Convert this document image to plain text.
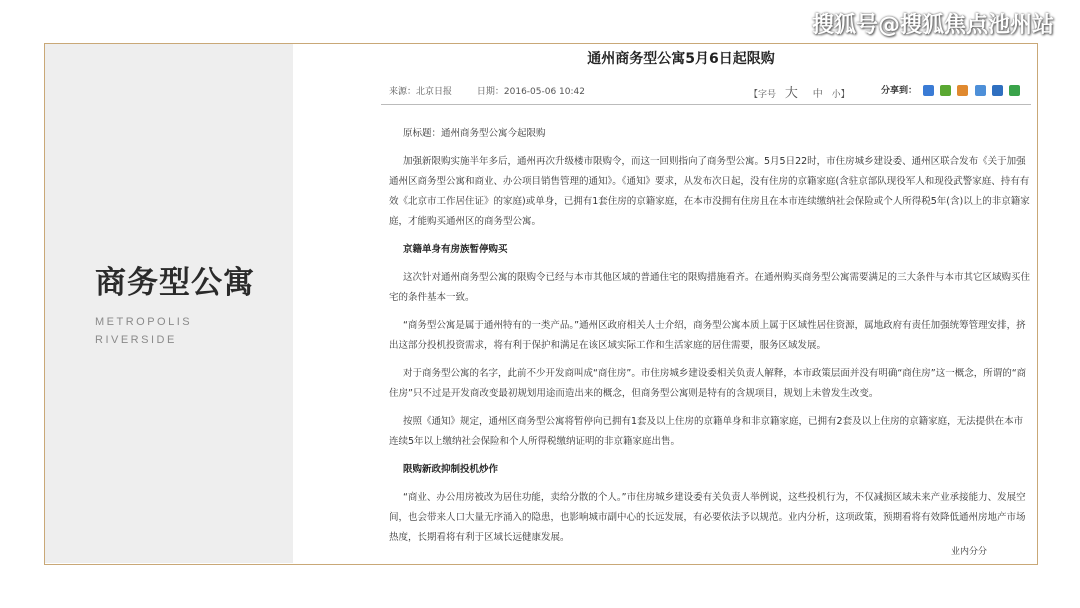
搜狐号@搜狐焦点池州站
商务型公寓
METROPOLIS
RIVERSIDE
通州商务型公寓5月6日起限购
来源：北京日报	日期：2016-05-06 10:42	【字号 大 中 小】	分享到：

原标题：通州商务型公寓今起限购

加强新限购实施半年多后，通州再次升级楼市限购令，而这一回则指向了商务型公寓。5月5日22时，市住房城乡建设委、通州区联合发布《关于加强通州区商务型公寓和商业、办公项目销售管理的通知》。《通知》要求，从发布次日起，没有住房的京籍家庭(含驻京部队现役军人和现役武警家庭、持有有效《北京市工作居住证》的家庭)或单身，已拥有1套住房的京籍家庭，在本市没拥有住房且在本市连续缴纳社会保险或个人所得税5年(含)以上的非京籍家庭，才能购买通州区的商务型公寓。

京籍单身有房族暂停购买

这次针对通州商务型公寓的限购令已经与本市其他区域的普通住宅的限购措施看齐。在通州购买商务型公寓需要满足的三大条件与本市其它区域购买住宅的条件基本一致。

“商务型公寓是属于通州特有的一类产品。”通州区政府相关人士介绍，商务型公寓本质上属于区域性居住资源，属地政府有责任加强统筹管理安排，挤出这部分投机投资需求，将有利于保护和满足在该区域实际工作和生活家庭的居住需要，服务区域发展。

对于商务型公寓的名字，此前不少开发商叫成“商住房”。市住房城乡建设委相关负责人解释，本市政策层面并没有明确“商住房”这一概念，所谓的“商住房”只不过是开发商改变最初规划用途而造出来的概念，但商务型公寓则是特有的含规项目，规划上未曾发生改变。

按照《通知》规定，通州区商务型公寓将暂停向已拥有1套及以上住房的京籍单身和非京籍家庭，已拥有2套及以上住房的京籍家庭，无法提供在本市连续5年以上缴纳社会保险和个人所得税缴纳证明的非京籍家庭出售。

限购新政抑制投机炒作

“商业、办公用房被改为居住功能，卖给分散的个人。”市住房城乡建设委有关负责人举例说，这些投机行为，不仅减损区域未来产业承接能力、发展空间，也会带来人口大量无序涌入的隐患，也影响城市副中心的长远发展，有必要依法予以规范。业内分析，这项政策，预期看将有效降低通州房地产市场热度，长期看将有利于区域长远健康发展。

业内分分
